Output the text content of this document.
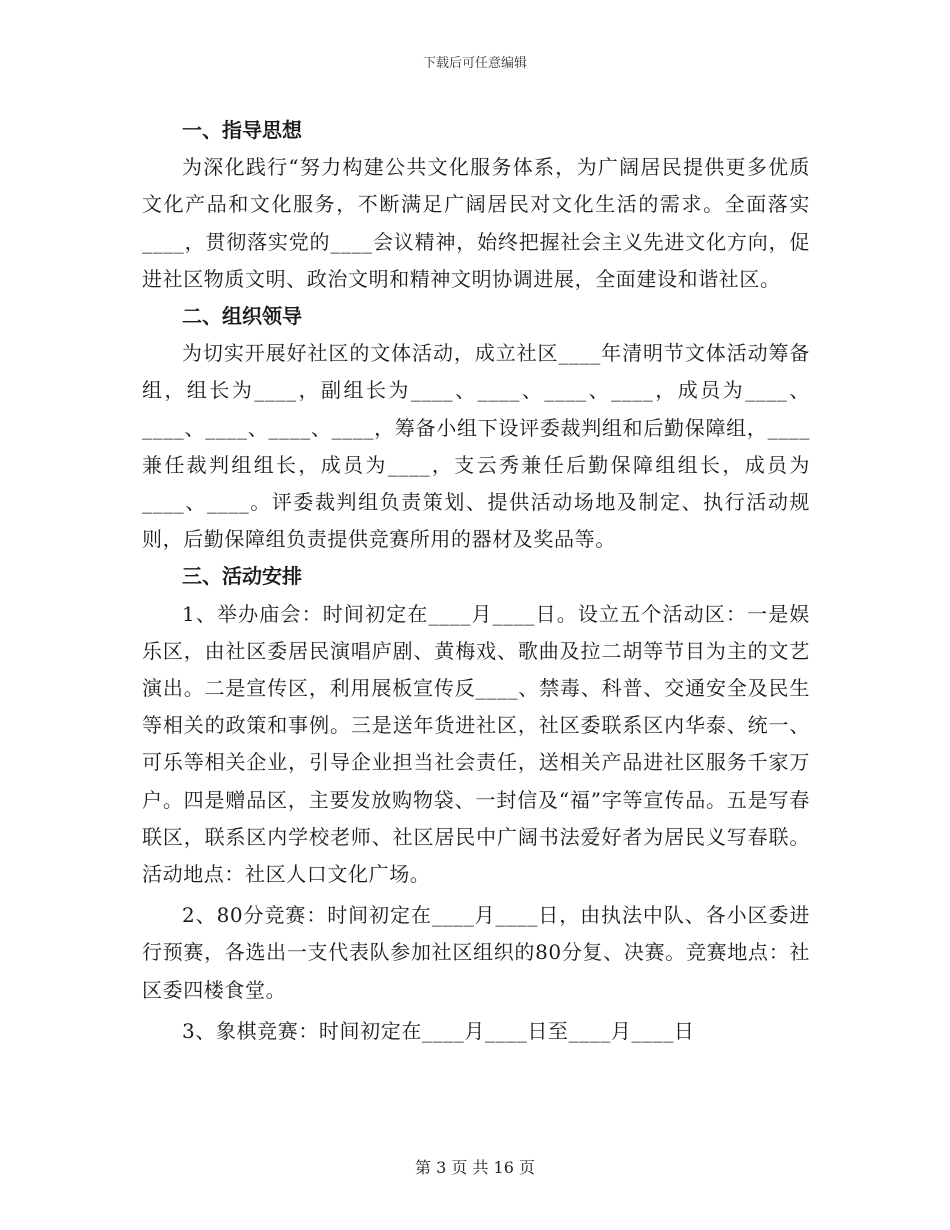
下载后可任意编辑
一、指导思想

为深化践行“努力构建公共文化服务体系，为广阔居民提供更多优质文化产品和文化服务，不断满足广阔居民对文化生活的需求。全面落实____，贯彻落实党的____会议精神，始终把握社会主义先进文化方向，促进社区物质文明、政治文明和精神文明协调进展，全面建设和谐社区。

二、组织领导

为切实开展好社区的文体活动，成立社区____年清明节文体活动筹备组，组长为____，副组长为____、____、____、____，成员为____、____、____、____、____，筹备小组下设评委裁判组和后勤保障组，____兼任裁判组组长，成员为____，支云秀兼任后勤保障组组长，成员为____、____。评委裁判组负责策划、提供活动场地及制定、执行活动规则，后勤保障组负责提供竞赛所用的器材及奖品等。

三、活动安排

1、举办庙会：时间初定在____月____日。设立五个活动区：一是娱乐区，由社区委居民演唱庐剧、黄梅戏、歌曲及拉二胡等节目为主的文艺演出。二是宣传区，利用展板宣传反____、禁毒、科普、交通安全及民生等相关的政策和事例。三是送年货进社区，社区委联系区内华泰、统一、可乐等相关企业，引导企业担当社会责任，送相关产品进社区服务千家万户。四是赠品区，主要发放购物袋、一封信及“福”字等宣传品。五是写春联区，联系区内学校老师、社区居民中广阔书法爱好者为居民义写春联。活动地点：社区人口文化广场。

2、80分竞赛：时间初定在____月____日，由执法中队、各小区委进行预赛，各选出一支代表队参加社区组织的80分复、决赛。竞赛地点：社区委四楼食堂。

3、象棋竞赛：时间初定在____月____日至____月____日

第 3 页 共 16 页
